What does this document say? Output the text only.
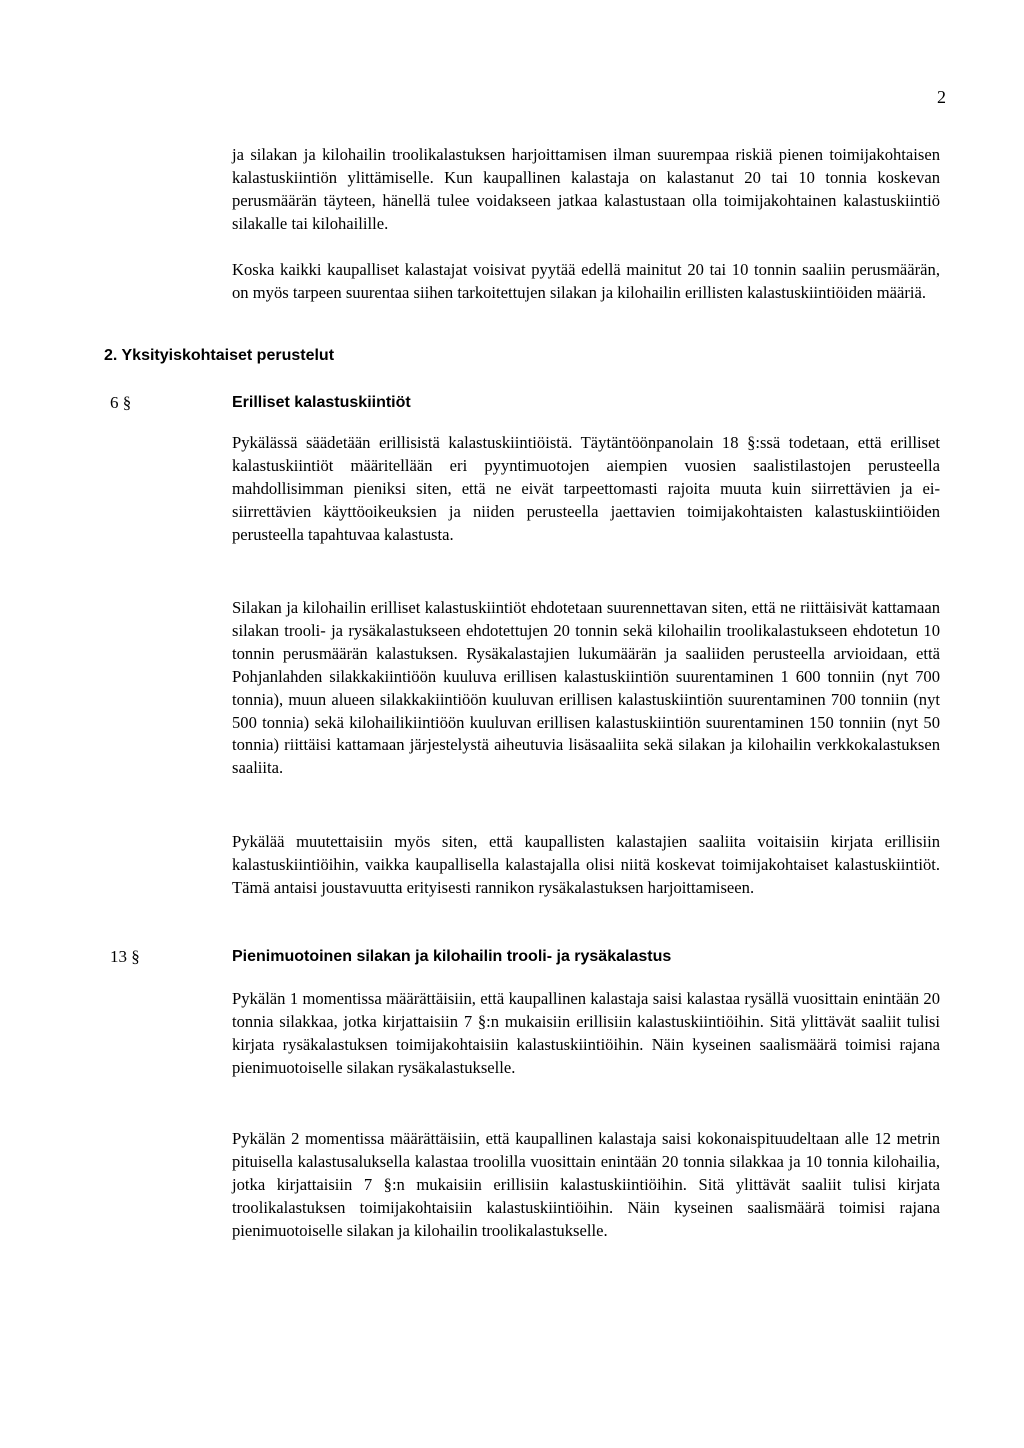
2

ja silakan ja kilohailin troolikalastuksen harjoittamisen ilman suurempaa riskiä pienen toimijakohtaisen kalastuskiintiön ylittämiselle. Kun kaupallinen kalastaja on kalastanut 20 tai 10 tonnia koskevan perusmäärän täyteen, hänellä tulee voidakseen jatkaa kalastustaan olla toimijakohtainen kalastuskiintiö silakalle tai kilohailille.

Koska kaikki kaupalliset kalastajat voisivat pyytää edellä mainitut 20 tai 10 tonnin saaliin perusmäärän, on myös tarpeen suurentaa siihen tarkoitettujen silakan ja kilohailin erillisten kalastuskiintiöiden määriä.

2. Yksityiskohtaiset perustelut
6 §	Erilliset kalastuskiintiöt

Pykälässä säädetään erillisistä kalastuskiintiöistä. Täytäntöönpanolain 18 §:ssä todetaan, että erilliset kalastuskiintiöt määritellään eri pyyntimuotojen aiempien vuosien saalistilastojen perusteella mahdollisimman pieniksi siten, että ne eivät tarpeettomasti rajoita muuta kuin siirrettävien ja ei-siirrettävien käyttöoikeuksien ja niiden perusteella jaettavien toimijakohtaisten kalastuskiintiöiden perusteella tapahtuvaa kalastusta.

Silakan ja kilohailin erilliset kalastuskiintiöt ehdotetaan suurennettavan siten, että ne riittäisivät kattamaan silakan trooli- ja rysäkalastukseen ehdotettujen 20 tonnin sekä kilohailin troolikalastukseen ehdotetun 10 tonnin perusmäärän kalastuksen. Rysäkalastajien lukumäärän ja saaliiden perusteella arvioidaan, että Pohjanlahden silakkakiintiöön kuuluva erillisen kalastuskiintiön suurentaminen 1 600 tonniin (nyt 700 tonnia), muun alueen silakkakiintiöön kuuluvan erillisen kalastuskiintiön suurentaminen 700 tonniin (nyt 500 tonnia) sekä kilohailikiintiöön kuuluvan erillisen kalastuskiintiön suurentaminen 150 tonniin (nyt 50 tonnia) riittäisi kattamaan järjestelystä aiheutuvia lisäsaaliita sekä silakan ja kilohailin verkkokalastuksen saaliita.

Pykälää muutettaisiin myös siten, että kaupallisten kalastajien saaliita voitaisiin kirjata erillisiin kalastuskiintiöihin, vaikka kaupallisella kalastajalla olisi niitä koskevat toimijakohtaiset kalastuskiintiöt. Tämä antaisi joustavuutta erityisesti rannikon rysäkalastuksen harjoittamiseen.

13 §	Pienimuotoinen silakan ja kilohailin trooli- ja rysäkalastus

Pykälän 1 momentissa määrättäisiin, että kaupallinen kalastaja saisi kalastaa rysällä vuosittain enintään 20 tonnia silakkaa, jotka kirjattaisiin 7 §:n mukaisiin erillisiin kalastuskiintiöihin. Sitä ylittävät saaliit tulisi kirjata rysäkalastuksen toimijakohtaisiin kalastuskiintiöihin. Näin kyseinen saalismäärä toimisi rajana pienimuotoiselle silakan rysäkalastukselle.

Pykälän 2 momentissa määrättäisiin, että kaupallinen kalastaja saisi kokonaispituudeltaan alle 12 metrin pituisella kalastusaluksella kalastaa troolilla vuosittain enintään 20 tonnia silakkaa ja 10 tonnia kilohailia, jotka kirjattaisiin 7 §:n mukaisiin erillisiin kalastuskiintiöihin. Sitä ylittävät saaliit tulisi kirjata troolikalastuksen toimijakohtaisiin kalastuskiintiöihin. Näin kyseinen saalismäärä toimisi rajana pienimuotoiselle silakan ja kilohailin troolikalastukselle.
